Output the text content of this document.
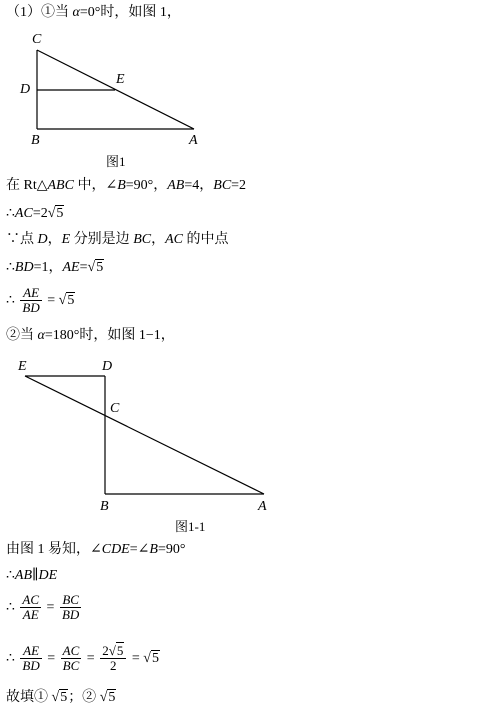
（1）①当 α=0°时，如图 1，
C
D
E
B	A
图1
在 Rt△ABC 中，∠B=90°，AB=4，BC=2
∴AC=2√5
∵点 D，E 分别是边 BC，AC 的中点
∴BD=1，AE=√5
∴ $\frac{AE}{BD} = √5$
②当 α=180°时，如图 1−1，
E	D
C
B	A
图1-1
由图 1 易知，∠CDE=∠B=90°
∴AB∥DE
∴ $\frac{AC}{AE} = \frac{BC}{BD}$
∴ $\frac{AE}{BD} = \frac{AC}{BC} = \frac{2√5}{2} = √5$
故填① √5；② √5
